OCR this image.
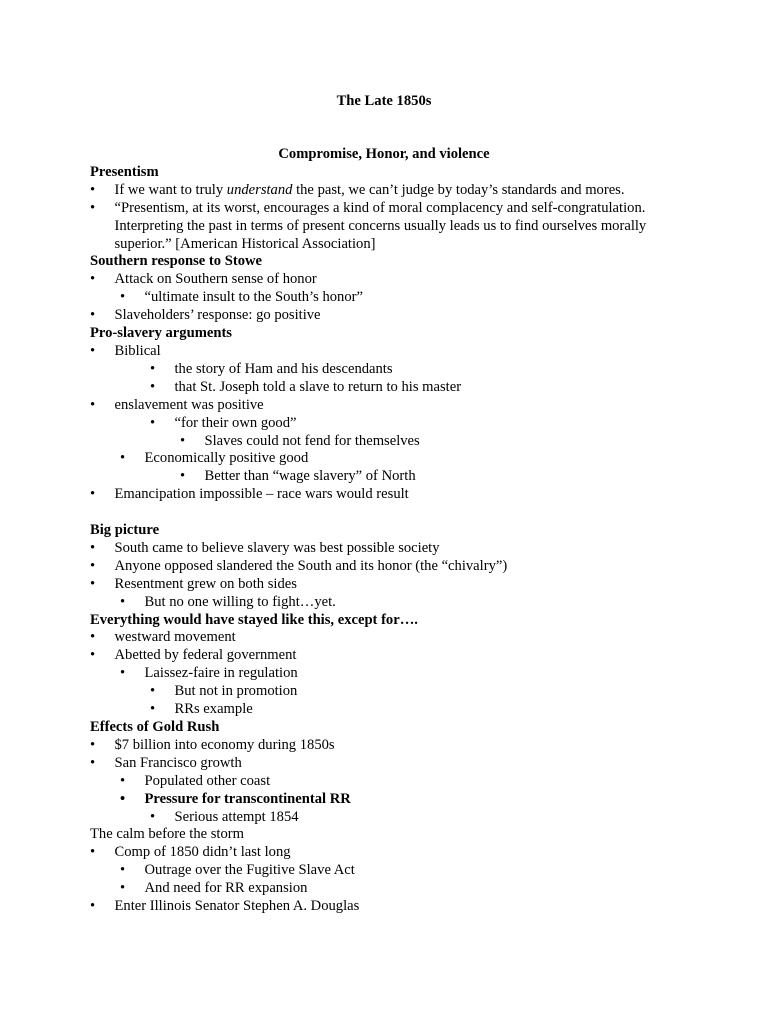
The Late 1850s
Compromise, Honor, and violence
Presentism
• If we want to truly understand the past, we can’t judge by today’s standards and mores.
• “Presentism, at its worst, encourages a kind of moral complacency and self-congratulation. Interpreting the past in terms of present concerns usually leads us to find ourselves morally superior.” [American Historical Association]
Southern response to Stowe
• Attack on Southern sense of honor
• “ultimate insult to the South’s honor”
• Slaveholders’ response: go positive
Pro-slavery arguments
• Biblical
• the story of Ham and his descendants
• that St. Joseph told a slave to return to his master
• enslavement was positive
• “for their own good”
• Slaves could not fend for themselves
• Economically positive good
• Better than “wage slavery” of North
• Emancipation impossible – race wars would result
Big picture
• South came to believe slavery was best possible society
• Anyone opposed slandered the South and its honor (the “chivalry”)
• Resentment grew on both sides
• But no one willing to fight…yet.
Everything would have stayed like this, except for….
• westward movement
• Abetted by federal government
• Laissez-faire in regulation
• But not in promotion
• RRs example
Effects of Gold Rush
• $7 billion into economy during 1850s
• San Francisco growth
• Populated other coast
• Pressure for transcontinental RR
• Serious attempt 1854
The calm before the storm
• Comp of 1850 didn’t last long
• Outrage over the Fugitive Slave Act
• And need for RR expansion
• Enter Illinois Senator Stephen A. Douglas
